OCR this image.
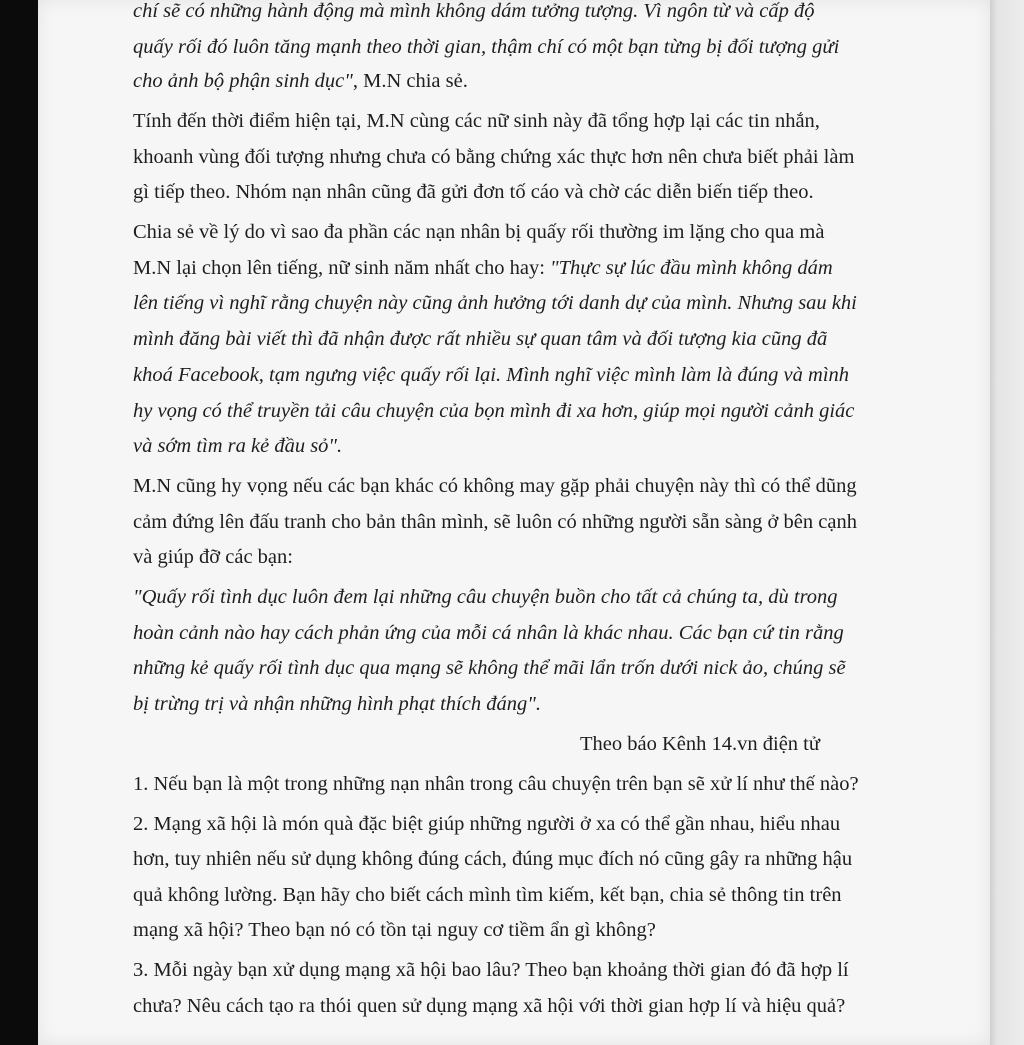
chí sẽ có những hành động mà mình không dám tưởng tượng. Vì ngôn từ và cấp độ
quấy rối đó luôn tăng mạnh theo thời gian, thậm chí có một bạn từng bị đối tượng gửi
cho ảnh bộ phận sinh dục", M.N chia sẻ.
Tính đến thời điểm hiện tại, M.N cùng các nữ sinh này đã tổng hợp lại các tin nhắn,
khoanh vùng đối tượng nhưng chưa có bằng chứng xác thực hơn nên chưa biết phải làm
gì tiếp theo. Nhóm nạn nhân cũng đã gửi đơn tố cáo và chờ các diễn biến tiếp theo.
Chia sẻ về lý do vì sao đa phần các nạn nhân bị quấy rối thường im lặng cho qua mà
M.N lại chọn lên tiếng, nữ sinh năm nhất cho hay: "Thực sự lúc đầu mình không dám
lên tiếng vì nghĩ rằng chuyện này cũng ảnh hưởng tới danh dự của mình. Nhưng sau khi
mình đăng bài viết thì đã nhận được rất nhiều sự quan tâm và đối tượng kia cũng đã
khoá Facebook, tạm ngưng việc quấy rối lại. Mình nghĩ việc mình làm là đúng và mình
hy vọng có thể truyền tải câu chuyện của bọn mình đi xa hơn, giúp mọi người cảnh giác
và sớm tìm ra kẻ đầu sỏ".
M.N cũng hy vọng nếu các bạn khác có không may gặp phải chuyện này thì có thể dũng
cảm đứng lên đấu tranh cho bản thân mình, sẽ luôn có những người sẵn sàng ở bên cạnh
và giúp đỡ các bạn:
"Quấy rối tình dục luôn đem lại những câu chuyện buồn cho tất cả chúng ta, dù trong
hoàn cảnh nào hay cách phản ứng của mỗi cá nhân là khác nhau. Các bạn cứ tin rằng
những kẻ quấy rối tình dục qua mạng sẽ không thể mãi lẩn trốn dưới nick ảo, chúng sẽ
bị trừng trị và nhận những hình phạt thích đáng".
Theo báo Kênh 14.vn điện tử
1. Nếu bạn là một trong những nạn nhân trong câu chuyện trên bạn sẽ xử lí như thế nào?
2. Mạng xã hội là món quà đặc biệt giúp những người ở xa có thể gần nhau, hiểu nhau
hơn, tuy nhiên nếu sử dụng không đúng cách, đúng mục đích nó cũng gây ra những hậu
quả không lường. Bạn hãy cho biết cách mình tìm kiếm, kết bạn, chia sẻ thông tin trên
mạng xã hội? Theo bạn nó có tồn tại nguy cơ tiềm ẩn gì không?
3. Mỗi ngày bạn xử dụng mạng xã hội bao lâu? Theo bạn khoảng thời gian đó đã hợp lí
chưa? Nêu cách tạo ra thói quen sử dụng mạng xã hội với thời gian hợp lí và hiệu quả?
